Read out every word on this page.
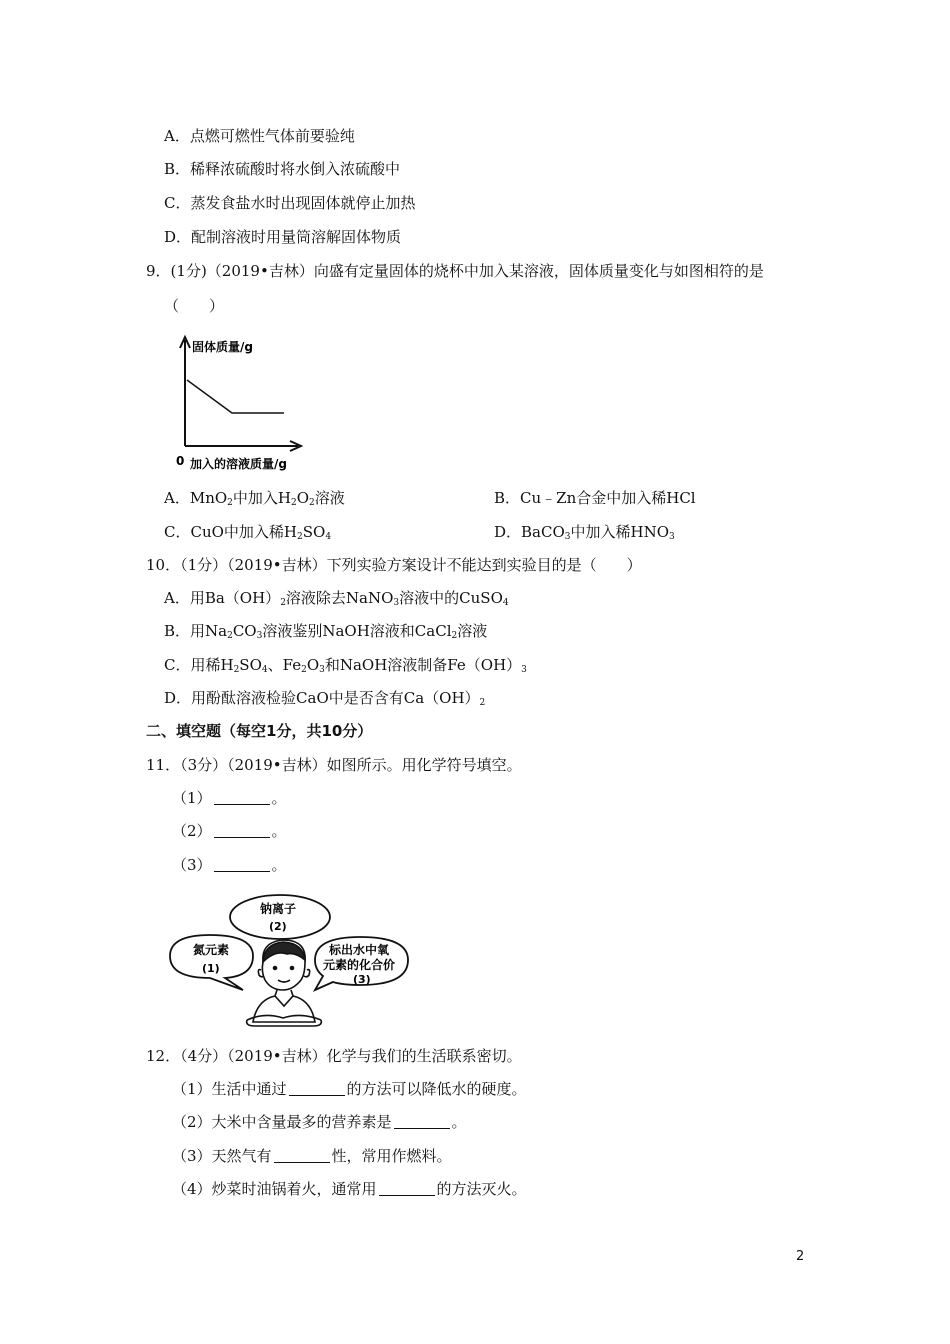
A．点燃可燃性气体前要验纯
B．稀释浓硫酸时将水倒入浓硫酸中
C．蒸发食盐水时出现固体就停止加热
D．配制溶液时用量筒溶解固体物质
9．(1分)（2019•吉林）向盛有定量固体的烧杯中加入某溶液，固体质量变化与如图相符的是
（　　）
固体质量/g
0 加入的溶液质量/g
A．MnO$_2$中加入$H_2O_2$溶液	B．Cu﹣Zn合金中加入稀HCl
C．CuO中加入稀$H_2SO_4$	D．BaCO$_3$中加入稀$HNO_3$
10．（1分）（2019•吉林）下列实验方案设计不能达到实验目的是（　　）
A．用$Ba(OH)_2$溶液除去NaNO$_3$溶液中的CuSO$_4$
B．用$Na_2CO_3$溶液鉴别NaOH溶液和CaCl$_2$溶液
C．用稀$H_2SO_4$、$Fe_2O_3$和NaOH溶液制备$Fe(OH)_3$
D．用酚酞溶液检验CaO中是否含有$Ca(OH)_2$
二、填空题（每空1分，共10分）
11．（3分）（2019•吉林）如图所示。用化学符号填空。
（1）	。
（2）	。
（3）	。
钠离子
(2)
氮元素
(1)
标出水中氧
元素的化合价
(3)
12．（4分）（2019•吉林）化学与我们的生活联系密切。
（1）生活中通过	的方法可以降低水的硬度。
（2）大米中含量最多的营养素是	。
（3）天然气有	性，常用作燃料。
（4）炒菜时油锅着火，通常用	的方法灭火。
2
